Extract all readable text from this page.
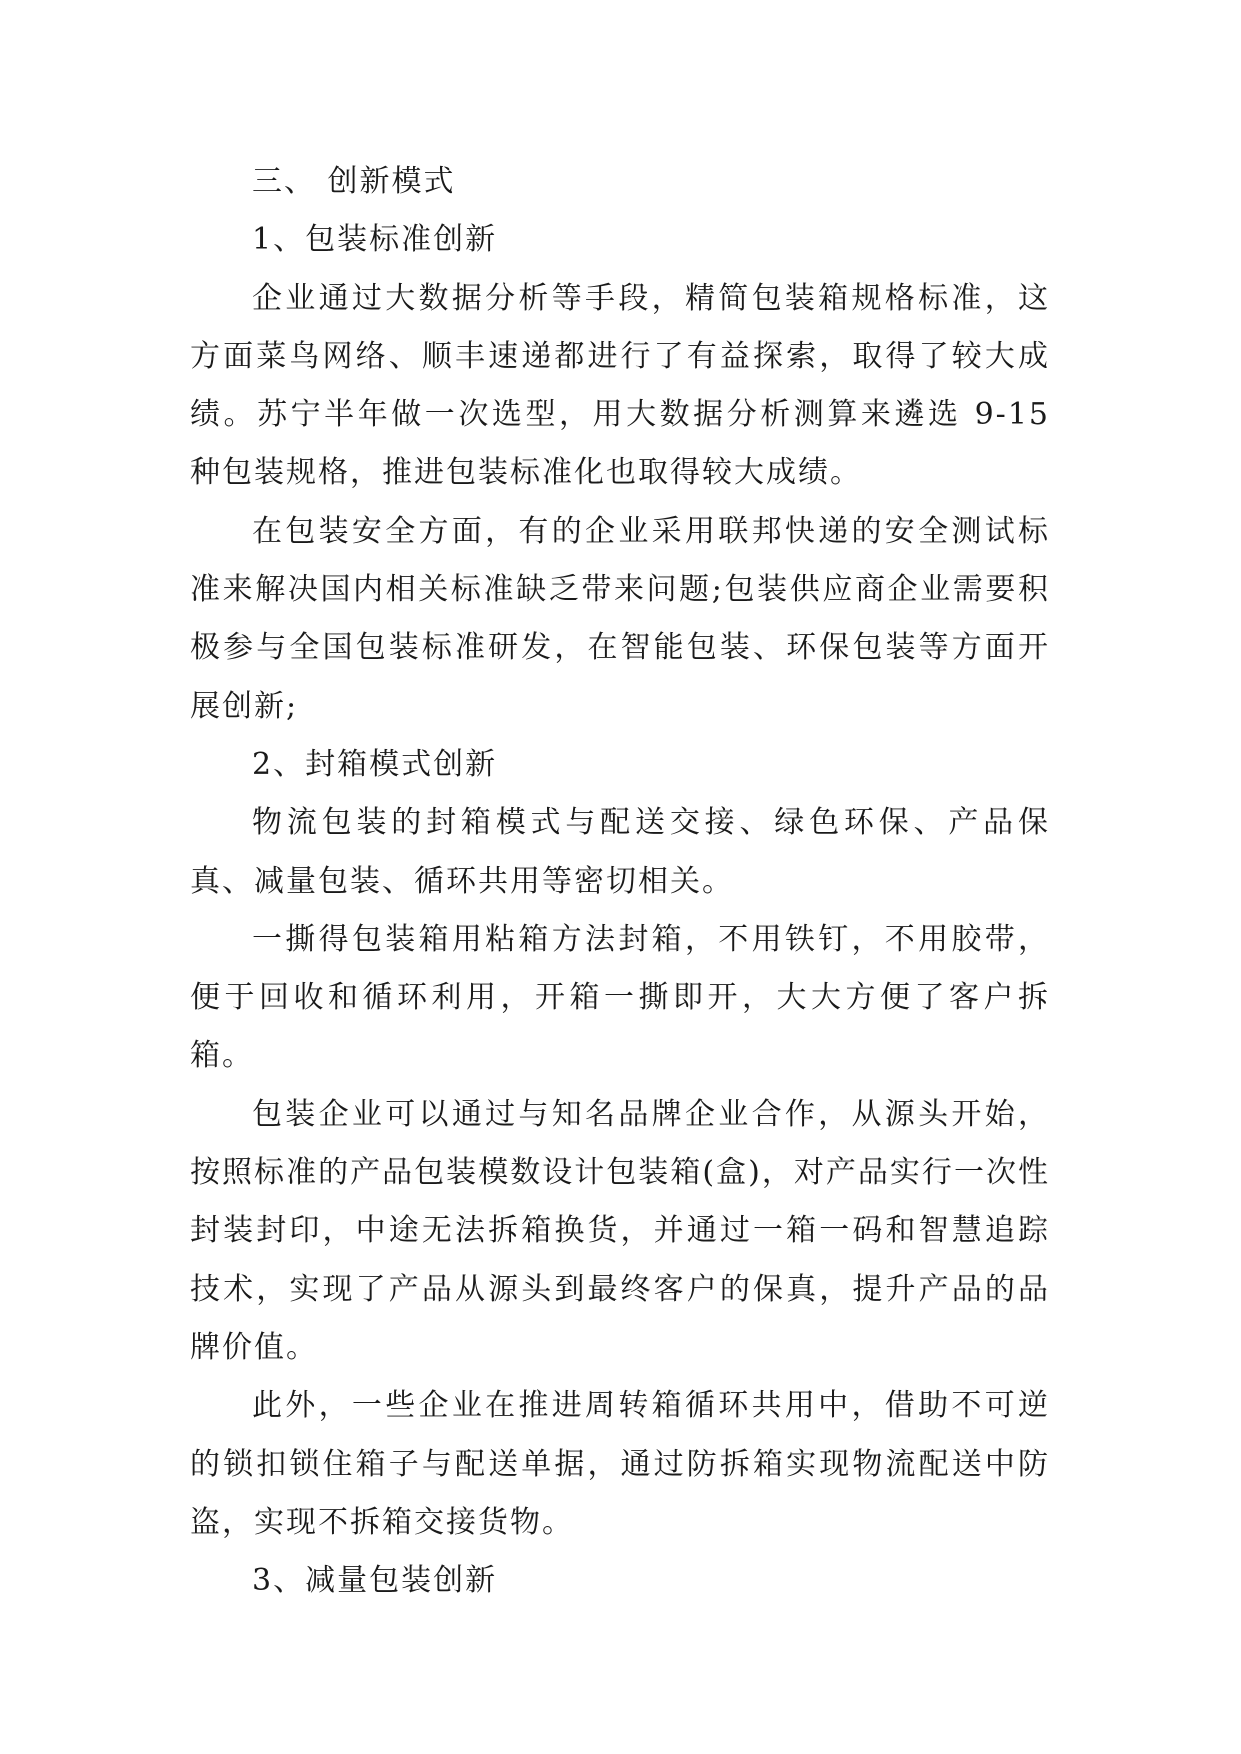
三、 创新模式

1、包装标准创新

企业通过大数据分析等手段，精简包装箱规格标准，这方面菜鸟网络、顺丰速递都进行了有益探索，取得了较大成绩。苏宁半年做一次选型，用大数据分析测算来遴选 9-15 种包装规格，推进包装标准化也取得较大成绩。

在包装安全方面，有的企业采用联邦快递的安全测试标准来解决国内相关标准缺乏带来问题;包装供应商企业需要积极参与全国包装标准研发，在智能包装、环保包装等方面开展创新;

2、封箱模式创新

物流包装的封箱模式与配送交接、绿色环保、产品保真、减量包装、循环共用等密切相关。

一撕得包装箱用粘箱方法封箱，不用铁钉，不用胶带，便于回收和循环利用，开箱一撕即开，大大方便了客户拆箱。

包装企业可以通过与知名品牌企业合作，从源头开始，按照标准的产品包装模数设计包装箱(盒)，对产品实行一次性封装封印，中途无法拆箱换货，并通过一箱一码和智慧追踪技术，实现了产品从源头到最终客户的保真，提升产品的品牌价值。

此外，一些企业在推进周转箱循环共用中，借助不可逆的锁扣锁住箱子与配送单据，通过防拆箱实现物流配送中防盗，实现不拆箱交接货物。

3、减量包装创新
